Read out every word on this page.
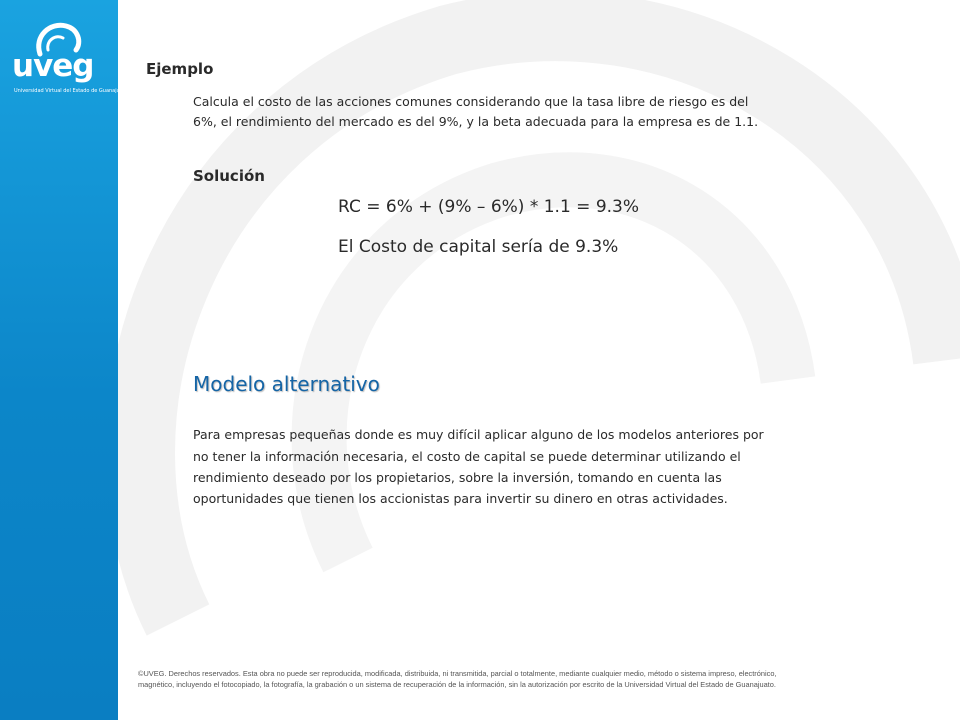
uveg
Universidad Virtual del Estado de Guanajuato
Ejemplo
Calcula el costo de las acciones comunes considerando que la tasa libre de riesgo es del
6%, el rendimiento del mercado es del 9%, y la beta adecuada para la empresa es de 1.1.
Solución
RC = 6% + (9% – 6%) * 1.1 = 9.3%
El Costo de capital sería de 9.3%
Modelo alternativo
Para empresas pequeñas donde es muy difícil aplicar alguno de los modelos anteriores por
no tener la información necesaria, el costo de capital se puede determinar utilizando el
rendimiento deseado por los propietarios, sobre la inversión, tomando en cuenta las
oportunidades que tienen los accionistas para invertir su dinero en otras actividades.
©UVEG. Derechos reservados. Esta obra no puede ser reproducida, modificada, distribuida, ni transmitida, parcial o totalmente, mediante cualquier medio, método o sistema impreso, electrónico,
magnético, incluyendo el fotocopiado, la fotografía, la grabación o un sistema de recuperación de la información, sin la autorización por escrito de la Universidad Virtual del Estado de Guanajuato.
